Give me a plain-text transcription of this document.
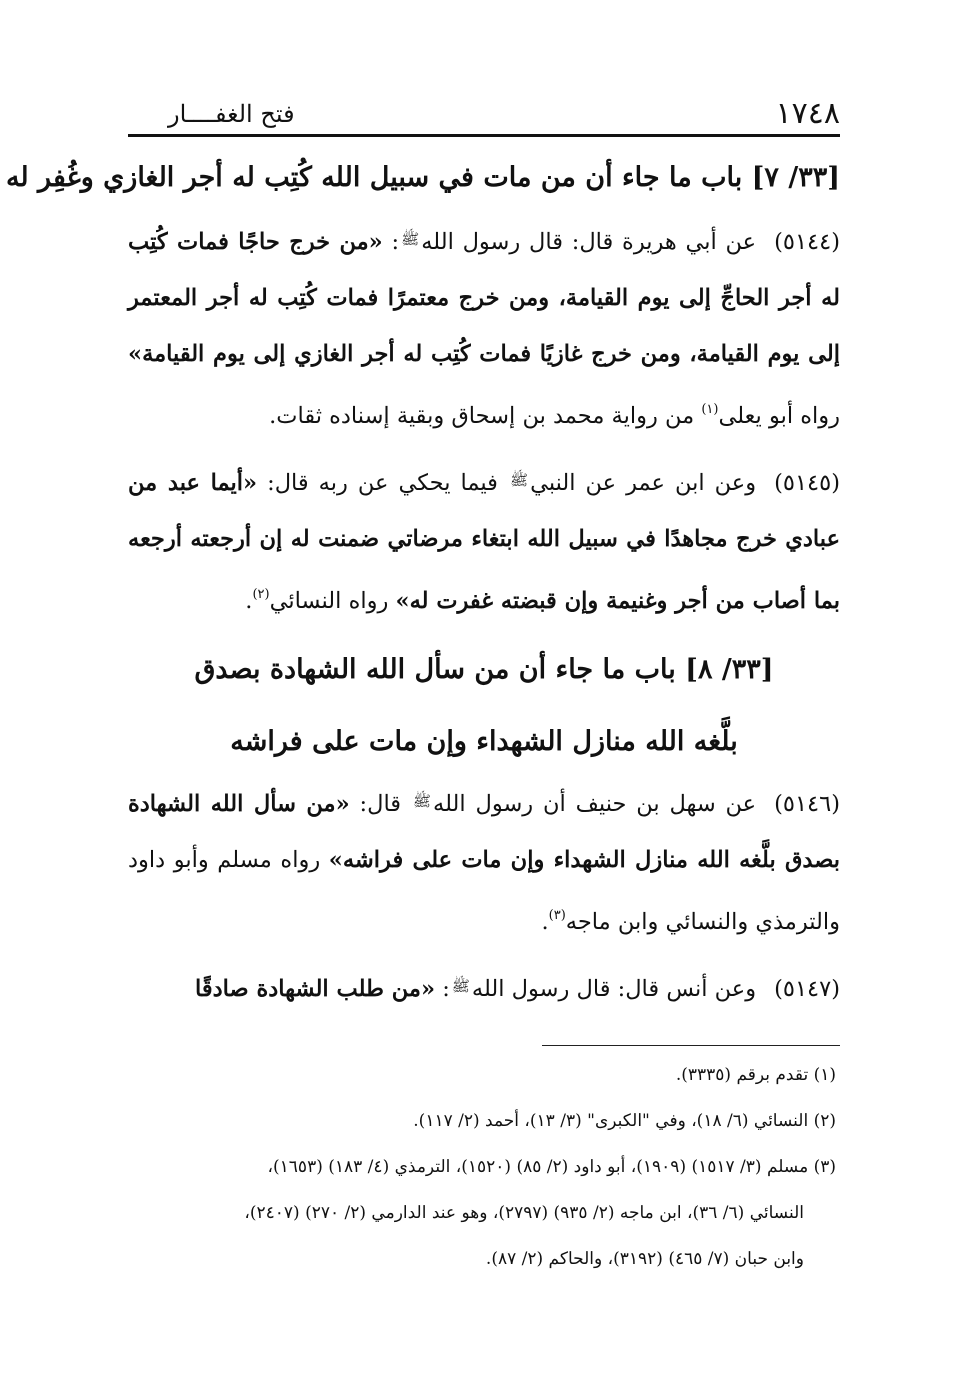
١٧٤٨
فتح الغفــــار
[٣٣/ ٧] باب ما جاء أن من مات في سبيل الله كُتِب له أجر الغازي وغُفِر له

(٥١٤٤)عن أبي هريرة قال: قال رسول الله$^ﷺ$: «من خرج حاجًا فمات كُتِب له أجر الحاجِّ إلى يوم القيامة، ومن خرج معتمرًا فمات كُتِب له أجر المعتمر إلى يوم القيامة، ومن خرج غازيًا فمات كُتِب له أجر الغازي إلى يوم القيامة» رواه أبو يعلى$^{(١)}$ من رواية محمد بن إسحاق وبقية إسناده ثقات.

(٥١٤٥)وعن ابن عمر عن النبي$^ﷺ$ فيما يحكي عن ربه قال: «أيما عبد من عبادي خرج مجاهدًا في سبيل الله ابتغاء مرضاتي ضمنت له إن أرجعته أرجعه بما أصاب من أجر وغنيمة وإن قبضته غفرت له» رواه النسائي$^{(٢)}$.

[٣٣/ ٨] باب ما جاء أن من سأل الله الشهادة بصدق
بلَّغه الله منازل الشهداء وإن مات على فراشه

(٥١٤٦)عن سهل بن حنيف أن رسول الله$^ﷺ$ قال: «من سأل الله الشهادة بصدق بلَّغه الله منازل الشهداء وإن مات على فراشه» رواه مسلم وأبو داود والترمذي والنسائي وابن ماجه$^{(٣)}$.

(٥١٤٧)وعن أنس قال: قال رسول الله$^ﷺ$: «من طلب الشهادة صادقًا

(١) تقدم برقم (٣٣٣٥).

(٢) النسائي (٦/ ١٨)، وفي "الكبرى" (٣/ ١٣)، أحمد (٢/ ١١٧).

(٣) مسلم (٣/ ١٥١٧) (١٩٠٩)، أبو داود (٢/ ٨٥) (١٥٢٠)، الترمذي (٤/ ١٨٣) (١٦٥٣)،

النسائي (٦/ ٣٦)، ابن ماجه (٢/ ٩٣٥) (٢٧٩٧)، وهو عند الدارمي (٢/ ٢٧٠) (٢٤٠٧)،

وابن حبان (٧/ ٤٦٥) (٣١٩٢)، والحاكم (٢/ ٨٧).
